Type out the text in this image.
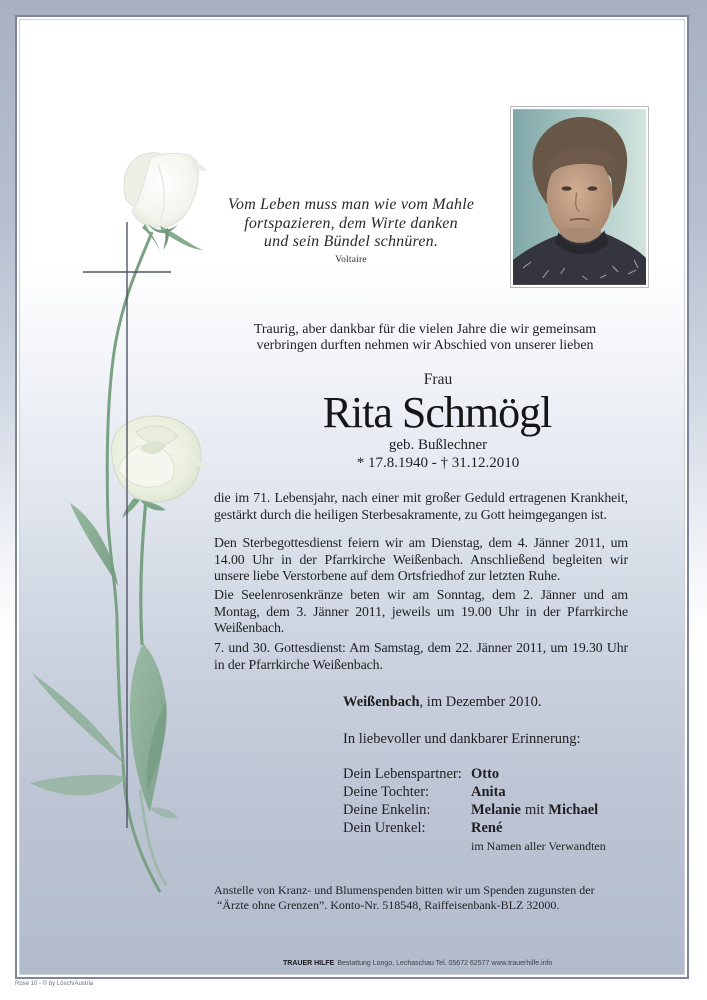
Vom Leben muss man wie vom Mahle
fortspazieren, dem Wirte danken
und sein Bündel schnüren.
Voltaire
Traurig, aber dankbar für die vielen Jahre die wir gemeinsam
verbringen durften nehmen wir Abschied von unserer lieben
Frau
Rita Schmögl
geb. Bußlechner
* 17.8.1940 - † 31.12.2010
die im 71. Lebensjahr, nach einer mit großer Geduld ertragenen Krankheit,
gestärkt durch die heiligen Sterbesakramente, zu Gott heimgegangen ist.
Den Sterbegottesdienst feiern wir am Dienstag, dem 4. Jänner 2011, um
14.00 Uhr in der Pfarrkirche Weißenbach. Anschließend begleiten wir
unsere liebe Verstorbene auf dem Ortsfriedhof zur letzten Ruhe.
Die Seelenrosenkränze beten wir am Sonntag, dem 2. Jänner und am
Montag, dem 3. Jänner 2011, jeweils um 19.00 Uhr in der Pfarrkirche
Weißenbach.
7. und 30. Gottesdienst: Am Samstag, dem 22. Jänner 2011, um 19.30 Uhr
in der Pfarrkirche Weißenbach.
Weißenbach, im Dezember 2010.
In liebevoller und dankbarer Erinnerung:
Dein Lebenspartner: Otto
Deine Tochter:	Anita
Deine Enkelin:	Melanie mit Michael
Dein Urenkel:	René
im Namen aller Verwandten
Anstelle von Kranz- und Blumenspenden bitten wir um Spenden zugunsten der
“Ärzte ohne Grenzen”. Konto-Nr. 518548, Raiffeisenbank-BLZ 32000.
TRAUER HILFE Bestattung Longo, Lechaschau Tel. 05672 62577 www.trauerhilfe.info
Rose 10 - © by Lösch/Austria
